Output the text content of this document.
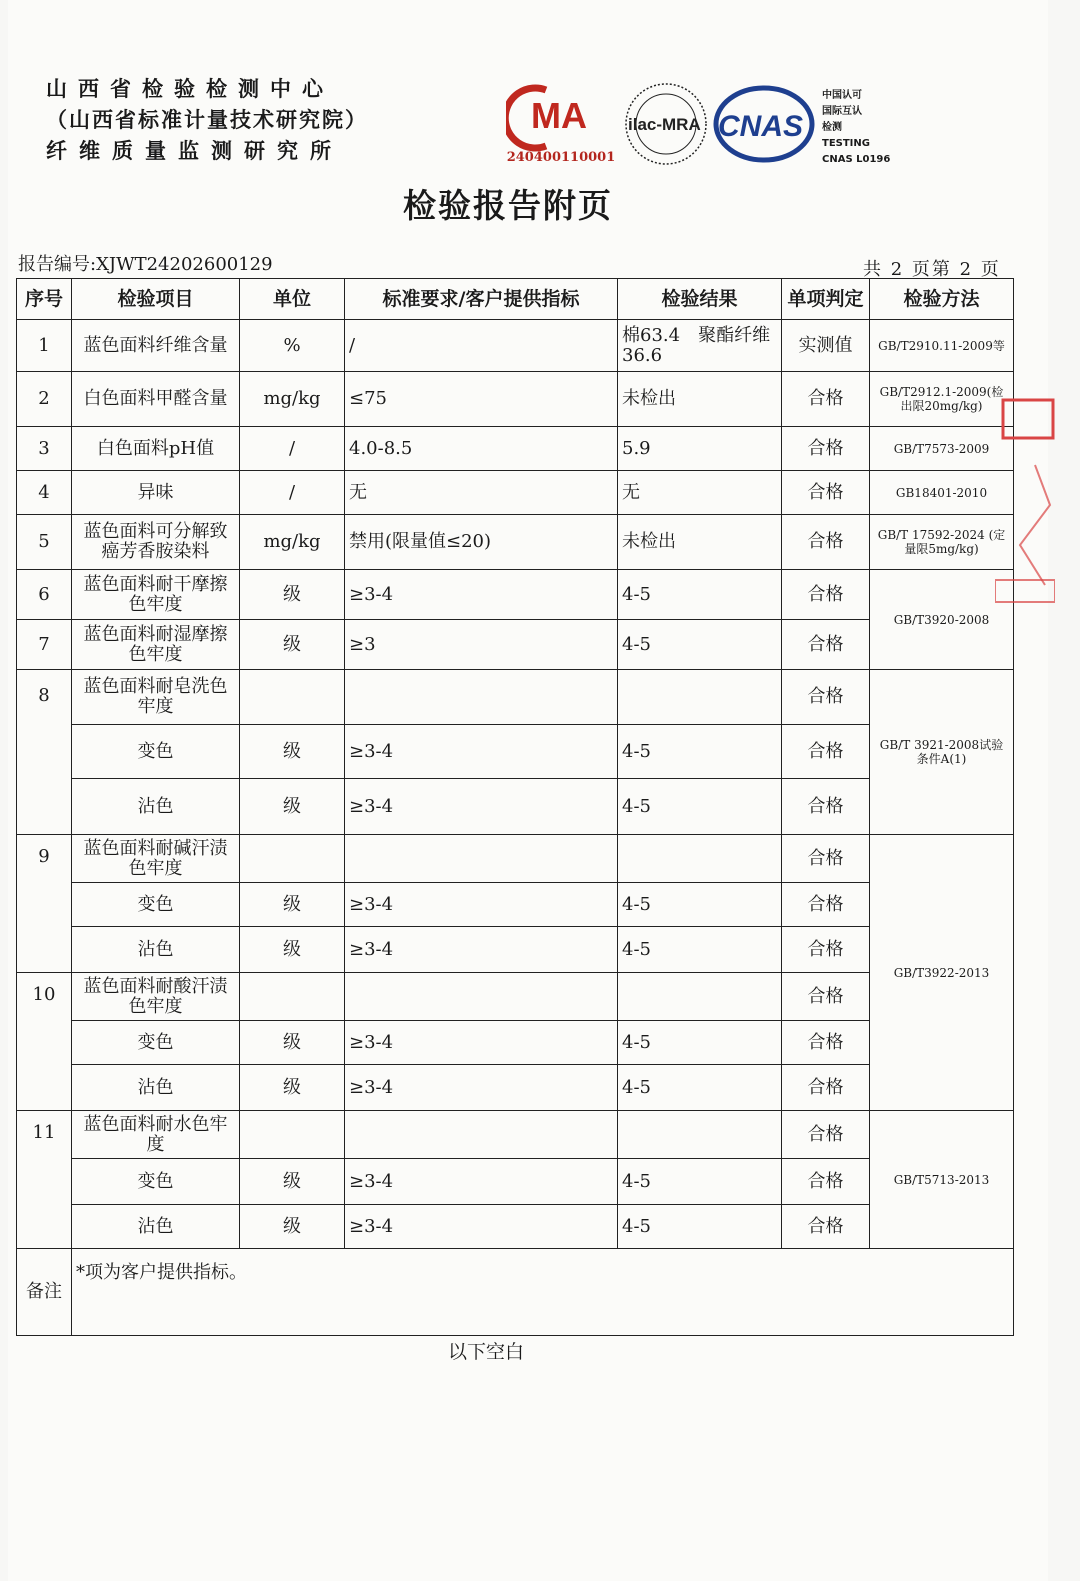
山西省检验检测中心
（山西省标准计量技术研究院）
纤维质量监测研究所
MA ilac-MRA CNAS
240400110001
中国认可
国际互认
检测
TESTING
CNAS L0196
检验报告附页
报告编号:XJWT24202600129	共 2 页第 2 页
序号	检验项目	单位	标准要求/客户提供指标	检验结果	单项判定	检验方法
1	蓝色面料纤维含量	%	/	棉63.4　聚酯纤维36.6	实测值	GB/T2910.11-2009等
2	白色面料甲醛含量	mg/kg	≤75	未检出	合格	GB/T2912.1-2009(检出限20mg/kg)
3	白色面料pH值	/	4.0-8.5	5.9	合格	GB/T7573-2009
4	异味	/	无	无	合格	GB18401-2010
5	蓝色面料可分解致癌芳香胺染料	mg/kg	禁用(限量值≤20)	未检出	合格	GB/T 17592-2024 (定量限5mg/kg)
6	蓝色面料耐干摩擦色牢度	级	≥3-4	4-5	合格	GB/T3920-2008
7	蓝色面料耐湿摩擦色牢度	级	≥3	4-5	合格	
8	蓝色面料耐皂洗色牢度				合格	GB/T 3921-2008试验条件A(1)
	变色	级	≥3-4	4-5	合格	
	沾色	级	≥3-4	4-5	合格	
9	蓝色面料耐碱汗渍色牢度				合格	GB/T3922-2013
	变色	级	≥3-4	4-5	合格	
	沾色	级	≥3-4	4-5	合格	
10	蓝色面料耐酸汗渍色牢度				合格	
	变色	级	≥3-4	4-5	合格	
	沾色	级	≥3-4	4-5	合格	
11	蓝色面料耐水色牢度				合格	GB/T5713-2013
	变色	级	≥3-4	4-5	合格	
	沾色	级	≥3-4	4-5	合格	
备注	*项为客户提供指标。					
以下空白
